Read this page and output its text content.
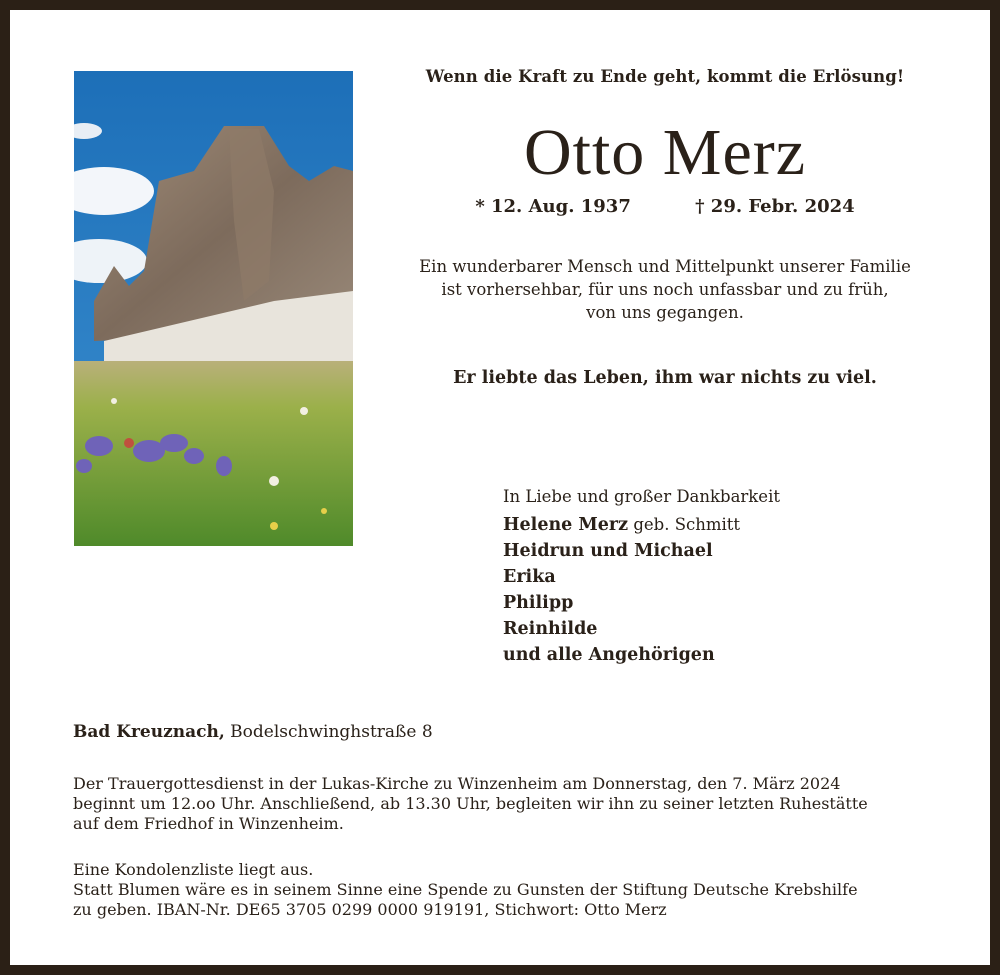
Wenn die Kraft zu Ende geht, kommt die Erlösung!
Otto Merz
* 12. Aug. 1937	† 29. Febr. 2024
Ein wunderbarer Mensch und Mittelpunkt unserer Familie
ist vorhersehbar, für uns noch unfassbar und zu früh,
von uns gegangen.
Er liebte das Leben, ihm war nichts zu viel.
In Liebe und großer Dankbarkeit
Helene Merz geb. Schmitt
Heidrun und Michael
Erika
Philipp
Reinhilde
und alle Angehörigen
Bad Kreuznach, Bodelschwinghstraße 8
Der Trauergottesdienst in der Lukas-Kirche zu Winzenheim am Donnerstag, den 7. März 2024
beginnt um 12.oo Uhr. Anschließend, ab 13.30 Uhr, begleiten wir ihn zu seiner letzten Ruhestätte
auf dem Friedhof in Winzenheim.
Eine Kondolenzliste liegt aus.
Statt Blumen wäre es in seinem Sinne eine Spende zu Gunsten der Stiftung Deutsche Krebshilfe
zu geben. IBAN-Nr. DE65 3705 0299 0000 919191, Stichwort: Otto Merz
